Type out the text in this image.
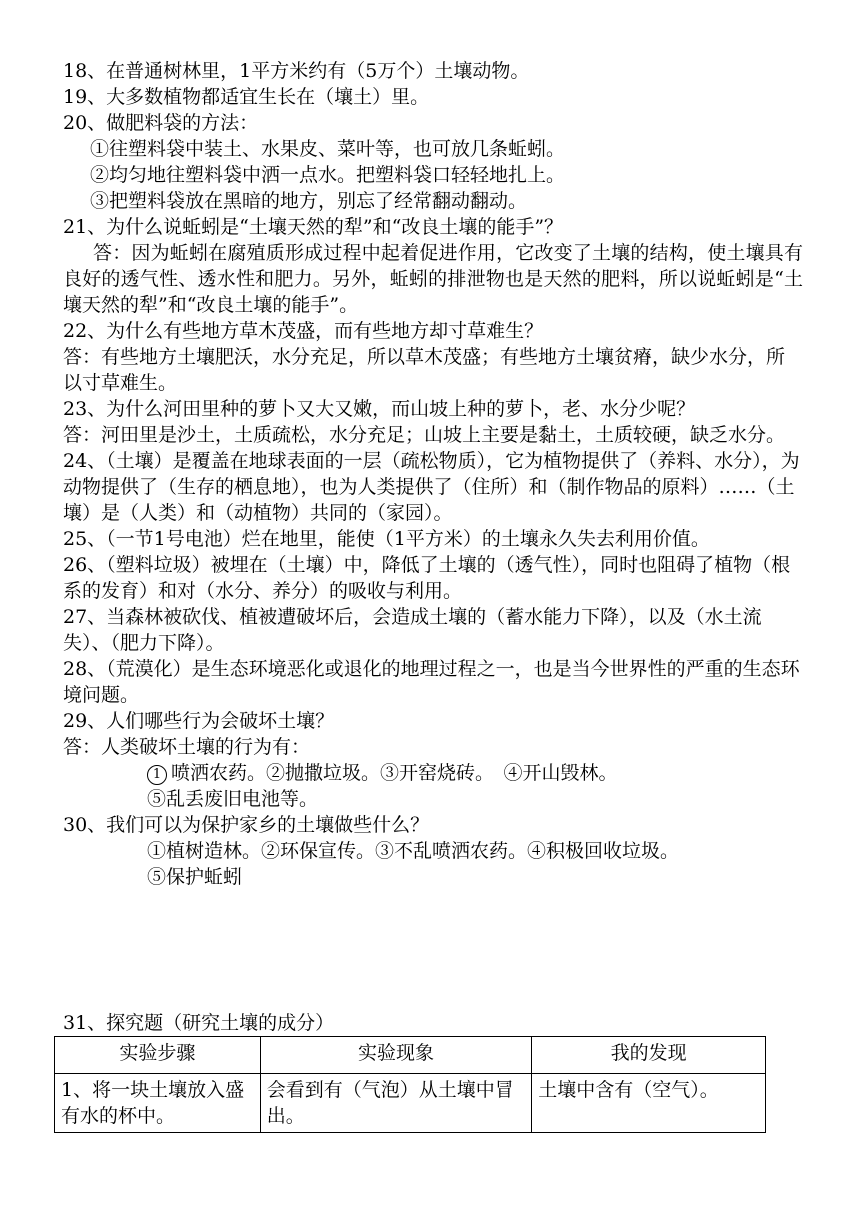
18、在普通树林里，1平方米约有（5万个）土壤动物。
19、大多数植物都适宜生长在（壤土）里。
20、做肥料袋的方法：
①往塑料袋中装土、水果皮、菜叶等，也可放几条蚯蚓。
②均匀地往塑料袋中洒一点水。把塑料袋口轻轻地扎上。
③把塑料袋放在黑暗的地方，别忘了经常翻动翻动。
21、为什么说蚯蚓是“土壤天然的犁”和“改良土壤的能手”？
答：因为蚯蚓在腐殖质形成过程中起着促进作用，它改变了土壤的结构，使土壤具有良好的透气性、透水性和肥力。另外，蚯蚓的排泄物也是天然的肥料，所以说蚯蚓是“土壤天然的犁”和“改良土壤的能手”。
22、为什么有些地方草木茂盛，而有些地方却寸草难生？
答：有些地方土壤肥沃，水分充足，所以草木茂盛；有些地方土壤贫瘠，缺少水分，所以寸草难生。
23、为什么河田里种的萝卜又大又嫩，而山坡上种的萝卜，老、水分少呢？
答：河田里是沙土，土质疏松，水分充足；山坡上主要是黏土，土质较硬，缺乏水分。
24、（土壤）是覆盖在地球表面的一层（疏松物质），它为植物提供了（养料、水分），为动物提供了（生存的栖息地），也为人类提供了（住所）和（制作物品的原料）……（土壤）是（人类）和（动植物）共同的（家园）。
25、（一节1号电池）烂在地里，能使（1平方米）的土壤永久失去利用价值。
26、（塑料垃圾）被埋在（土壤）中，降低了土壤的（透气性），同时也阻碍了植物（根系的发育）和对（水分、养分）的吸收与利用。
27、当森林被砍伐、植被遭破坏后，会造成土壤的（蓄水能力下降），以及（水土流失）、（肥力下降）。
28、（荒漠化）是生态环境恶化或退化的地理过程之一，也是当今世界性的严重的生态环境问题。
29、人们哪些行为会破坏土壤？
答：人类破坏土壤的行为有：
1 喷洒农药。②抛撒垃圾。③开窑烧砖。　④开山毁林。
⑤乱丢废旧电池等。
30、我们可以为保护家乡的土壤做些什么？
①植树造林。②环保宣传。③不乱喷洒农药。④积极回收垃圾。
⑤保护蚯蚓
31、探究题（研究土壤的成分）
实验步骤	实验现象	我的发现
1、将一块土壤放入盛有水的杯中。	会看到有（气泡）从土壤中冒出。	土壤中含有（空气）。
